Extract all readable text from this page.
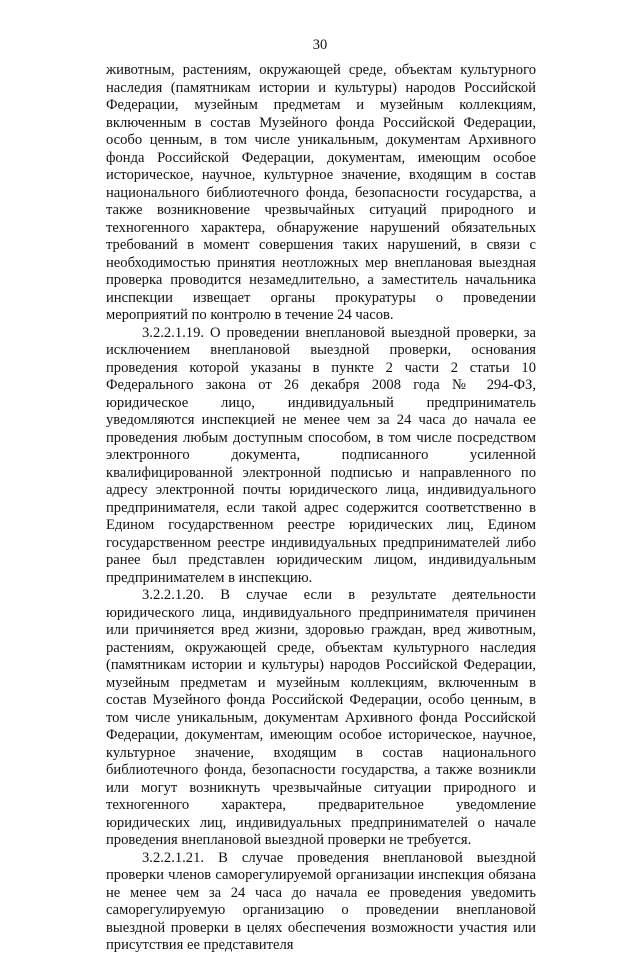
30

животным, растениям, окружающей среде, объектам культурного наследия (памятникам истории и культуры) народов Российской Федерации, музейным предметам и музейным коллекциям, включенным в состав Музейного фонда Российской Федерации, особо ценным, в том числе уникальным, документам Архивного фонда Российской Федерации, документам, имеющим особое историческое, научное, культурное значение, входящим в состав национального библиотечного фонда, безопасности государства, а также возникновение чрезвычайных ситуаций природного и техногенного характера, обнаружение нарушений обязательных требований в момент совершения таких нарушений, в связи с необходимостью принятия неотложных мер внеплановая выездная проверка проводится незамедлительно, а заместитель начальника инспекции извещает органы прокуратуры о проведении мероприятий по контролю в течение 24 часов.

3.2.2.1.19. О проведении внеплановой выездной проверки, за исключением внеплановой выездной проверки, основания проведения которой указаны в пункте 2 части 2 статьи 10 Федерального закона от 26 декабря 2008 года № 294-ФЗ, юридическое лицо, индивидуальный предприниматель уведомляются инспекцией не менее чем за 24 часа до начала ее проведения любым доступным способом, в том числе посредством электронного документа, подписанного усиленной квалифицированной электронной подписью и направленного по адресу электронной почты юридического лица, индивидуального предпринимателя, если такой адрес содержится соответственно в Едином государственном реестре юридических лиц, Едином государственном реестре индивидуальных предпринимателей либо ранее был представлен юридическим лицом, индивидуальным предпринимателем в инспекцию.

3.2.2.1.20. В случае если в результате деятельности юридического лица, индивидуального предпринимателя причинен или причиняется вред жизни, здоровью граждан, вред животным, растениям, окружающей среде, объектам культурного наследия (памятникам истории и культуры) народов Российской Федерации, музейным предметам и музейным коллекциям, включенным в состав Музейного фонда Российской Федерации, особо ценным, в том числе уникальным, документам Архивного фонда Российской Федерации, документам, имеющим особое историческое, научное, культурное значение, входящим в состав национального библиотечного фонда, безопасности государства, а также возникли или могут возникнуть чрезвычайные ситуации природного и техногенного характера, предварительное уведомление юридических лиц, индивидуальных предпринимателей о начале проведения внеплановой выездной проверки не требуется.

3.2.2.1.21. В случае проведения внеплановой выездной проверки членов саморегулируемой организации инспекция обязана не менее чем за 24 часа до начала ее проведения уведомить саморегулируемую организацию о проведении внеплановой выездной проверки в целях обеспечения возможности участия или присутствия ее представителя
